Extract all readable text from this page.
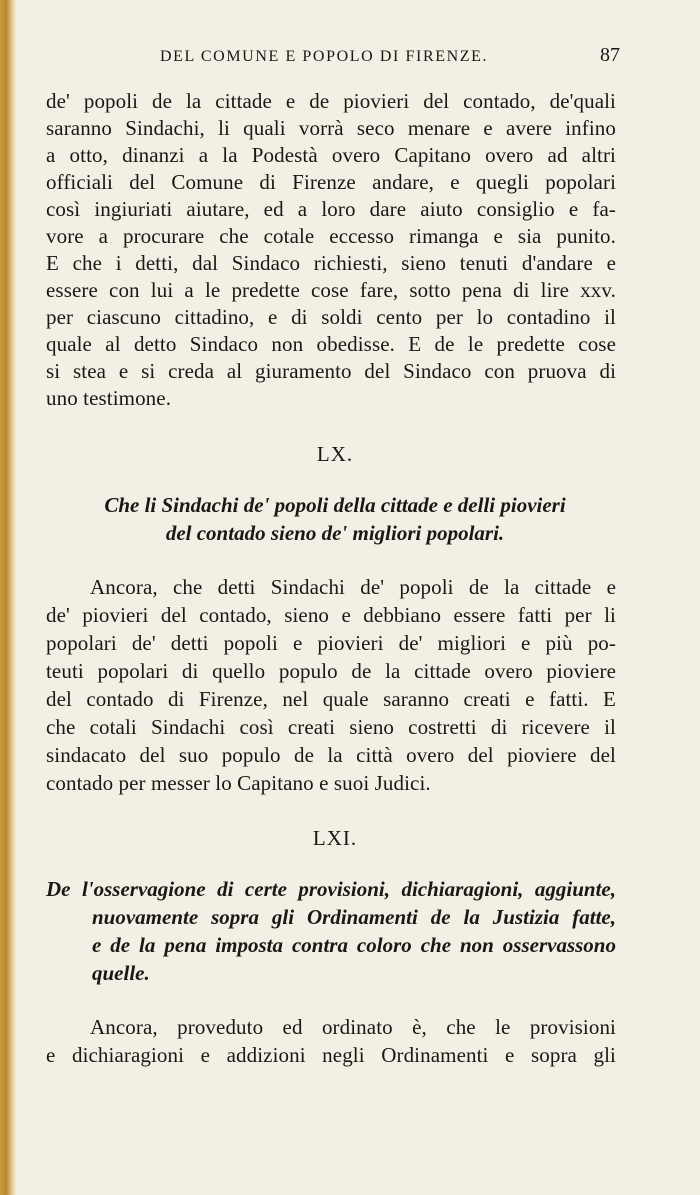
DEL COMUNE E POPOLO DI FIRENZE.	87
de' popoli de la cittade e de piovieri del contado, de'quali
saranno Sindachi, li quali vorrà seco menare e avere infino
a otto, dinanzi a la Podestà overo Capitano overo ad altri
officiali del Comune di Firenze andare, e quegli popolari
così ingiuriati aiutare, ed a loro dare aiuto consiglio e fa-
vore a procurare che cotale eccesso rimanga e sia punito.
E che i detti, dal Sindaco richiesti, sieno tenuti d'andare e
essere con lui a le predette cose fare, sotto pena di lire xxv.
per ciascuno cittadino, e di soldi cento per lo contadino il
quale al detto Sindaco non obedisse. E de le predette cose
si stea e si creda al giuramento del Sindaco con pruova di
uno testimone.
LX.
Che li Sindachi de' popoli della cittade e delli piovieri
del contado sieno de' migliori popolari.
Ancora, che detti Sindachi de' popoli de la cittade e
de' piovieri del contado, sieno e debbiano essere fatti per li
popolari de' detti popoli e piovieri de' migliori e più po-
teuti popolari di quello populo de la cittade overo pioviere
del contado di Firenze, nel quale saranno creati e fatti. E
che cotali Sindachi così creati sieno costretti di ricevere il
sindacato del suo populo de la città overo del pioviere del
contado per messer lo Capitano e suoi Judici.
LXI.
De l'osservagione di certe provisioni, dichiaragioni, aggiunte,
nuovamente sopra gli Ordinamenti de la Justizia fatte,
e de la pena imposta contra coloro che non osservassono
quelle.
Ancora, proveduto ed ordinato è, che le provisioni
e dichiaragioni e addizioni negli Ordinamenti e sopra gli
